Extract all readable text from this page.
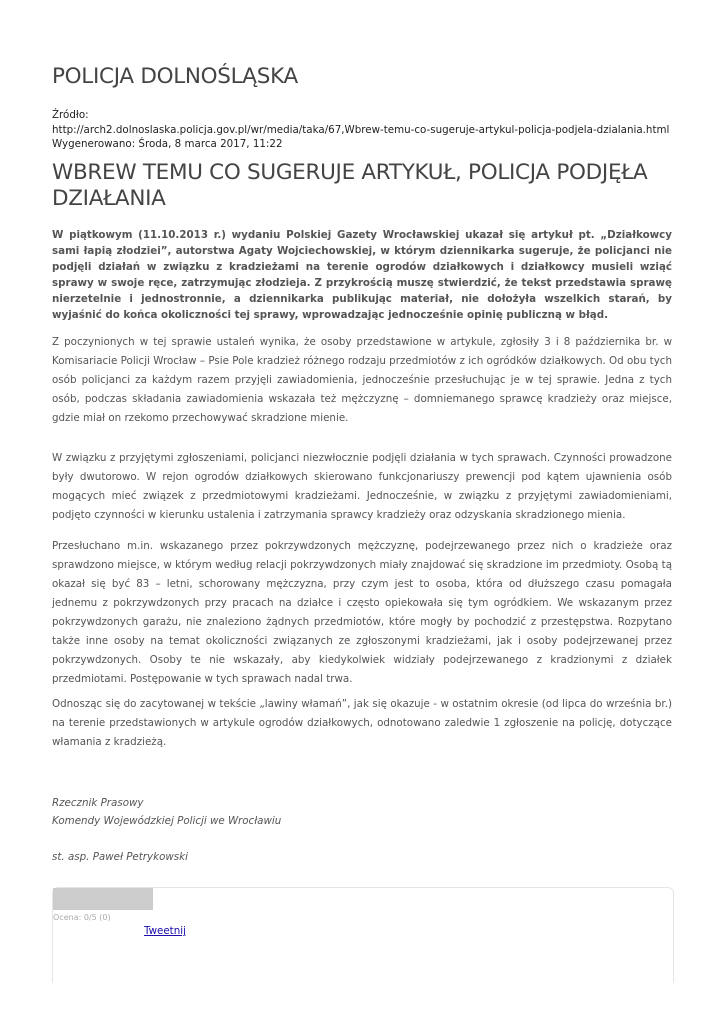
POLICJA DOLNOŚLĄSKA
Źródło:
http://arch2.dolnoslaska.policja.gov.pl/wr/media/taka/67,Wbrew-temu-co-sugeruje-artykul-policja-podjela-dzialania.html
Wygenerowano: Środa, 8 marca 2017, 11:22
WBREW TEMU CO SUGERUJE ARTYKUŁ, POLICJA PODJĘŁA DZIAŁANIA

W piątkowym (11.10.2013 r.) wydaniu Polskiej Gazety Wrocławskiej ukazał się artykuł pt. „Działkowcy sami łapią złodziei”, autorstwa Agaty Wojciechowskiej, w którym dziennikarka sugeruje, że policjanci nie podjęli działań w związku z kradzieżami na terenie ogrodów działkowych i działkowcy musieli wziąć sprawy w swoje ręce, zatrzymując złodzieja. Z przykrością muszę stwierdzić, że tekst przedstawia sprawę nierzetelnie i jednostronnie, a dziennikarka publikując materiał, nie dołożyła wszelkich starań, by wyjaśnić do końca okoliczności tej sprawy, wprowadzając jednocześnie opinię publiczną w błąd.

Z poczynionych w tej sprawie ustaleń wynika, że osoby przedstawione w artykule, zgłosiły 3 i 8 października br. w Komisariacie Policji Wrocław – Psie Pole kradzież różnego rodzaju przedmiotów z ich ogródków działkowych. Od obu tych osób policjanci za każdym razem przyjęli zawiadomienia, jednocześnie przesłuchując je w tej sprawie. Jedna z tych osób, podczas składania zawiadomienia wskazała też mężczyznę – domniemanego sprawcę kradzieży oraz miejsce, gdzie miał on rzekomo przechowywać skradzione mienie.

W związku z przyjętymi zgłoszeniami, policjanci niezwłocznie podjęli działania w tych sprawach. Czynności prowadzone były dwutorowo. W rejon ogrodów działkowych skierowano funkcjonariuszy prewencji pod kątem ujawnienia osób mogących mieć związek z przedmiotowymi kradzieżami. Jednocześnie, w związku z przyjętymi zawiadomieniami, podjęto czynności w kierunku ustalenia i zatrzymania sprawcy kradzieży oraz odzyskania skradzionego mienia.

Przesłuchano m.in. wskazanego przez pokrzywdzonych mężczyznę, podejrzewanego przez nich o kradzieże oraz sprawdzono miejsce, w którym według relacji pokrzywdzonych miały znajdować się skradzione im przedmioty. Osobą tą okazał się być 83 – letni, schorowany mężczyzna, przy czym jest to osoba, która od dłuższego czasu pomagała jednemu z pokrzywdzonych przy pracach na działce i często opiekowała się tym ogródkiem. We wskazanym przez pokrzywdzonych garażu, nie znaleziono żądnych przedmiotów, które mogły by pochodzić z przestępstwa. Rozpytano także inne osoby na temat okoliczności związanych ze zgłoszonymi kradzieżami, jak i osoby podejrzewanej przez pokrzywdzonych. Osoby te nie wskazały, aby kiedykolwiek widziały podejrzewanego z kradzionymi z działek przedmiotami. Postępowanie w tych sprawach nadal trwa.

Odnosząc się do zacytowanej w tekście „lawiny włamań”, jak się okazuje - w ostatnim okresie (od lipca do września br.) na terenie przedstawionych w artykule ogrodów działkowych, odnotowano zaledwie 1 zgłoszenie na policję, dotyczące włamania z kradzieżą.

Rzecznik Prasowy
Komendy Wojewódzkiej Policji we Wrocławiu
st. asp. Paweł Petrykowski
Ocena: 0/5 (0)
Tweetnij
